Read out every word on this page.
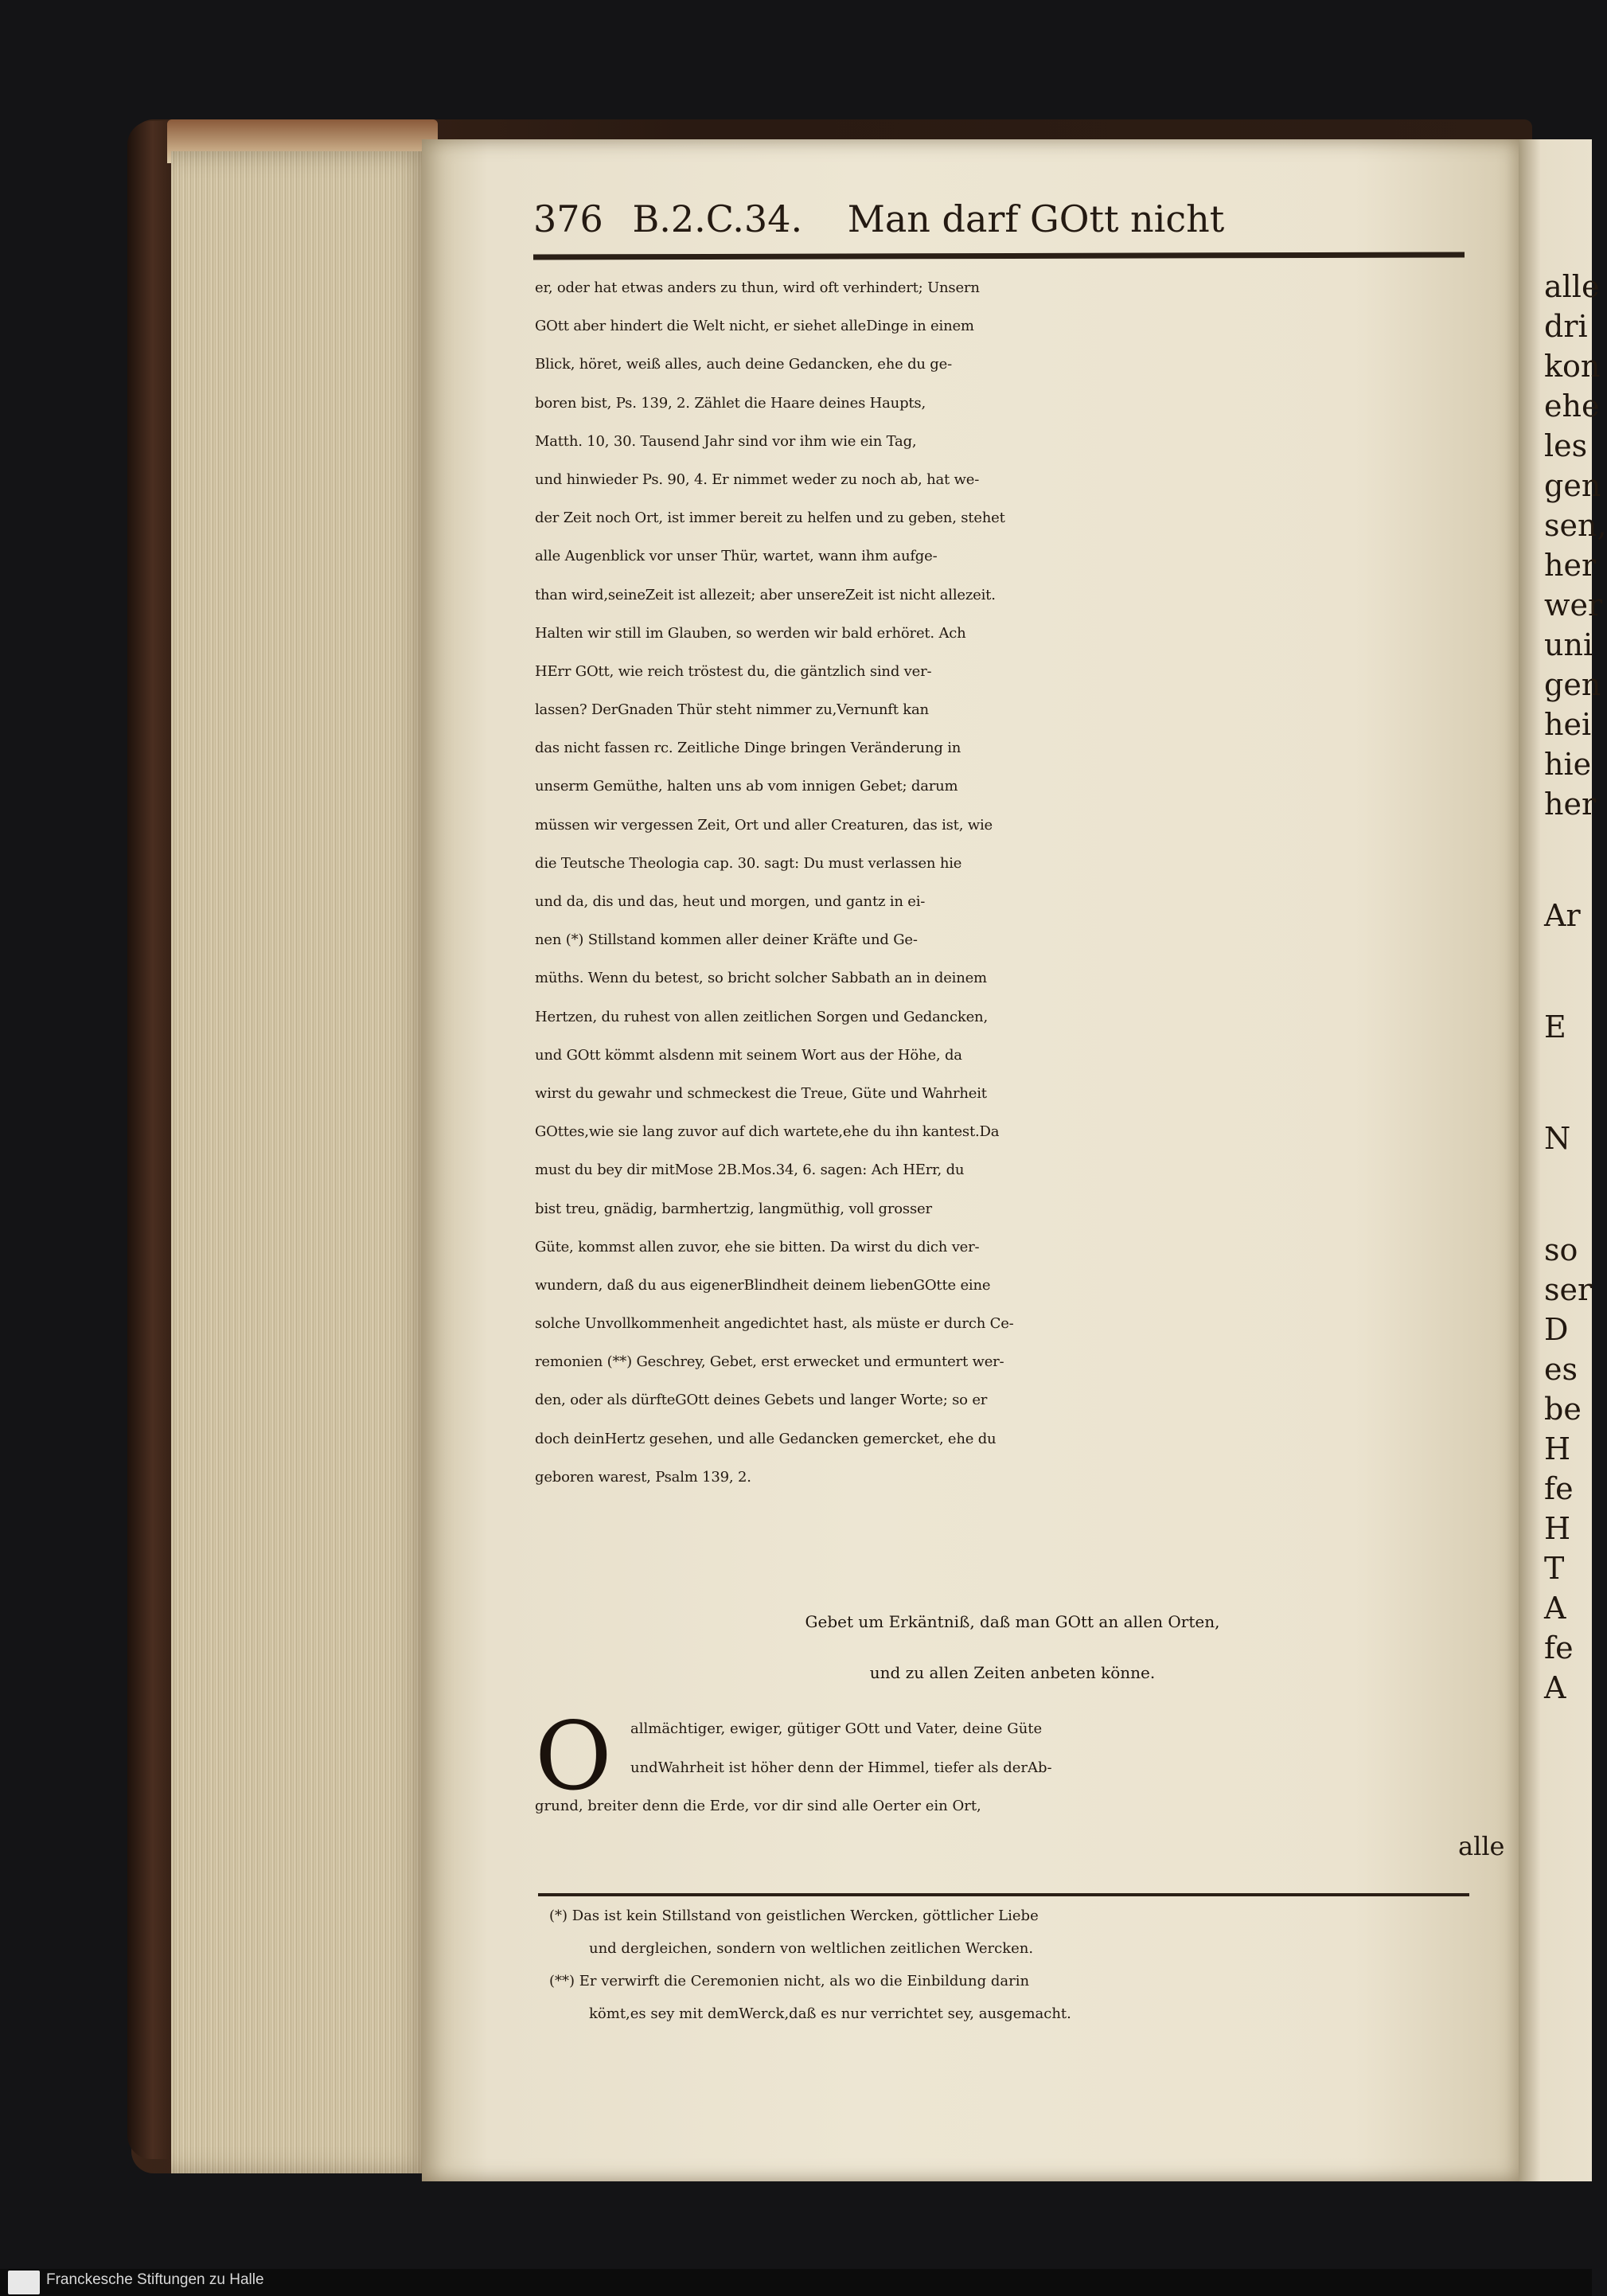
alle
dri
kon
ehe
les
gen
sen,
her
wer
uni
gen
hei
hie
her
Ar
E
N
so
ser
D
es
be
H
fe
H
T
A
fe
A
376 B.2.C.34. Man darf GOtt nicht
er, oder hat etwas anders zu thun, wird oft verhindert; Unsern
GOtt aber hindert die Welt nicht, er siehet alleDinge in einem
Blick, höret, weiß alles, auch deine Gedancken, ehe du ge-
boren bist, Ps. 139, 2. Zählet die Haare deines Haupts,
Matth. 10, 30. Tausend Jahr sind vor ihm wie ein Tag,
und hinwieder Ps. 90, 4. Er nimmet weder zu noch ab, hat we-
der Zeit noch Ort, ist immer bereit zu helfen und zu geben, stehet
alle Augenblick vor unser Thür, wartet, wann ihm aufge-
than wird,seineZeit ist allezeit; aber unsereZeit ist nicht allezeit.
Halten wir still im Glauben, so werden wir bald erhöret. Ach
HErr GOtt, wie reich tröstest du, die gäntzlich sind ver-
lassen? DerGnaden Thür steht nimmer zu,Vernunft kan
das nicht fassen rc. Zeitliche Dinge bringen Veränderung in
unserm Gemüthe, halten uns ab vom innigen Gebet; darum
müssen wir vergessen Zeit, Ort und aller Creaturen, das ist, wie
die Teutsche Theologia cap. 30. sagt: Du must verlassen hie
und da, dis und das, heut und morgen, und gantz in ei-
nen (*) Stillstand kommen aller deiner Kräfte und Ge-
müths. Wenn du betest, so bricht solcher Sabbath an in deinem
Hertzen, du ruhest von allen zeitlichen Sorgen und Gedancken,
und GOtt kömmt alsdenn mit seinem Wort aus der Höhe, da
wirst du gewahr und schmeckest die Treue, Güte und Wahrheit
GOttes,wie sie lang zuvor auf dich wartete,ehe du ihn kantest.Da
must du bey dir mitMose 2B.Mos.34, 6. sagen: Ach HErr, du
bist treu, gnädig, barmhertzig, langmüthig, voll grosser
Güte, kommst allen zuvor, ehe sie bitten. Da wirst du dich ver-
wundern, daß du aus eigenerBlindheit deinem liebenGOtte eine
solche Unvollkommenheit angedichtet hast, als müste er durch Ce-
remonien (**) Geschrey, Gebet, erst erwecket und ermuntert wer-
den, oder als dürfteGOtt deines Gebets und langer Worte; so er
doch deinHertz gesehen, und alle Gedancken gemercket, ehe du
geboren warest, Psalm 139, 2.
Gebet um Erkäntniß, daß man GOtt an allen Orten,
und zu allen Zeiten anbeten könne.
O	allmächtiger, ewiger, gütiger GOtt und Vater, deine Güte
undWahrheit ist höher denn der Himmel, tiefer als derAb-
grund, breiter denn die Erde, vor dir sind alle Oerter ein Ort,
alle
(*) Das ist kein Stillstand von geistlichen Wercken, göttlicher Liebe
und dergleichen, sondern von weltlichen zeitlichen Wercken.
(**) Er verwirft die Ceremonien nicht, als wo die Einbildung darin
kömt,es sey mit demWerck,daß es nur verrichtet sey, ausgemacht.
Franckesche Stiftungen zu Halle
